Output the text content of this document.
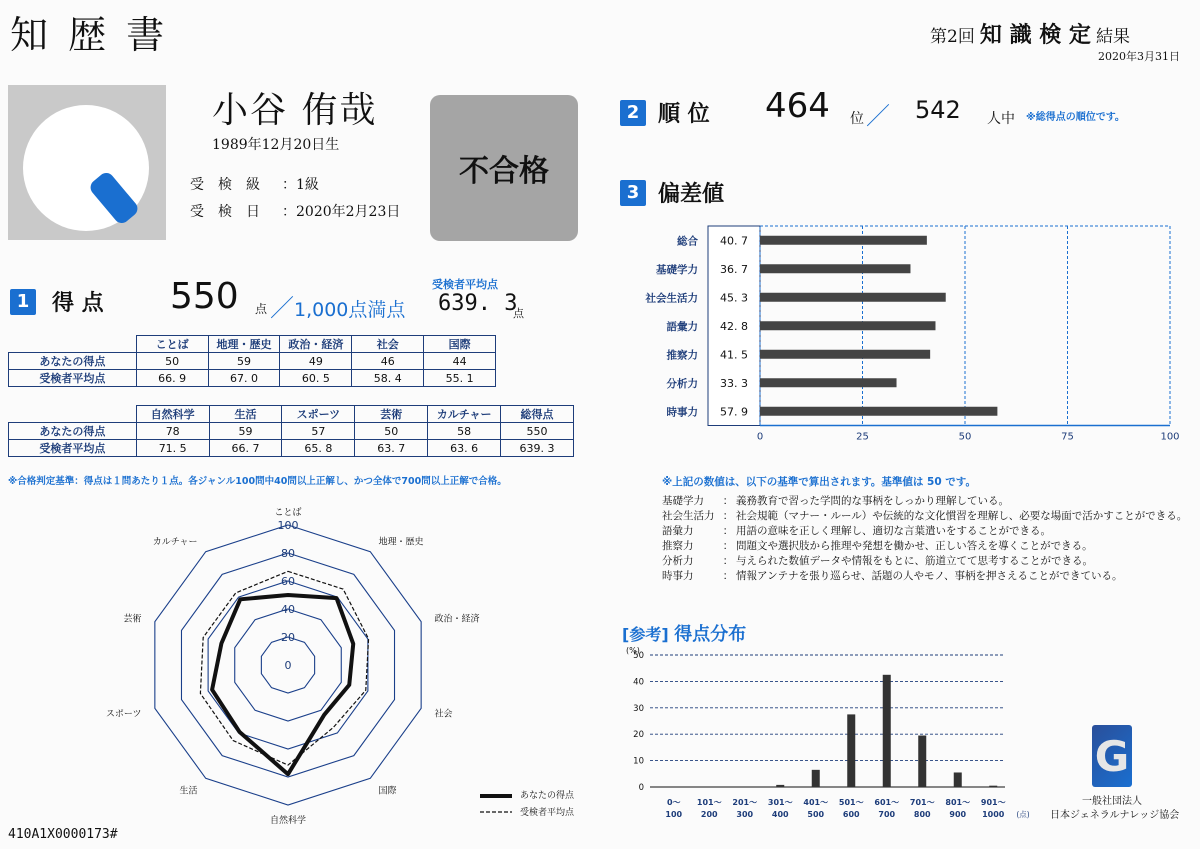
知 歴 書	第2回 知 識 検 定 結果
2020年3月31日
小谷 侑哉
1989年12月20日生
受　検　級 ：1級
受　検　日 ：2020年2月23日
不合格
1	得 点 550 点 ／1,000点満点
受検者平均点
639. 3
点
	ことば	地理・歴史	政治・経済	社会	国際
あなたの得点	50	59	49	46	44
受検者平均点	66. 9	67. 0	60. 5	58. 4	55. 1
	自然科学	生活	スポーツ	芸術	カルチャー	総得点
あなたの得点	78	59	57	50	58	550
受検者平均点	71. 5	66. 7	65. 8	63. 7	63. 6	639. 3
※合格判定基準：得点は１問あたり１点。各ジャンル100問中40問以上正解し、かつ全体で700問以上正解で合格。
0
20
40
60
80
100
ことば
地理・歴史
政治・経済
社会
国際
自然科学
生活
スポーツ
芸術
カルチャー
あなたの得点
受検者平均点
410A1X0000173#
2 順 位 464 位 ／ 542 人中 ※総得点の順位です。
3 偏差値
総合 40. 7
基礎学力 36. 7
社会生活力 45. 3
語彙力 42. 8
推察力 41. 5
分析力 33. 3
時事力 57. 9
0	25	50	75	100
※上記の数値は、以下の基準で算出されます。基準値は 50 です。
基礎学力	： 義務教育で習った学問的な事柄をしっかり理解している。
社会生活力 ： 社会規範（マナー・ルール）や伝統的な文化慣習を理解し、必要な場面で活かすことができる。
語彙力	： 用語の意味を正しく理解し、適切な言葉遣いをすることができる。
推察力	： 問題文や選択肢から推理や発想を働かせ、正しい答えを導くことができる。
分析力	： 与えられた数値データや情報をもとに、筋道立てて思考することができる。
時事力	： 情報アンテナを張り巡らせ、話題の人やモノ、事柄を押さえることができている。
[参考] 得点分布
(%)
0
10
20
30
40
50
0〜
100
101〜
200
201〜
300
301〜
400
401〜
500
501〜
600
601〜
700
701〜
800
801〜
900
901〜
1000 (点)
G
一般社団法人
日本ジェネラルナレッジ協会
